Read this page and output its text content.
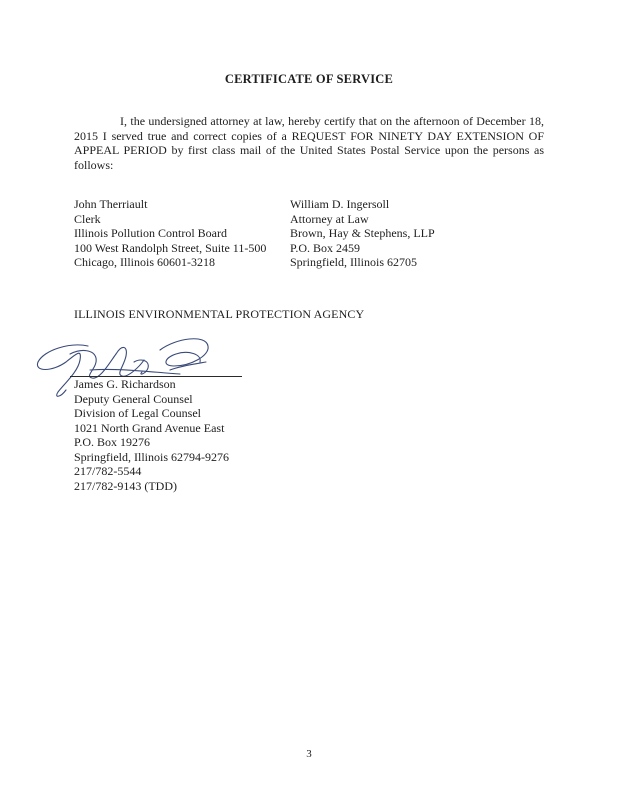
CERTIFICATE OF SERVICE
I, the undersigned attorney at law, hereby certify that on the afternoon of December 18, 2015 I served true and correct copies of a REQUEST FOR NINETY DAY EXTENSION OF APPEAL PERIOD by first class mail of the United States Postal Service upon the persons as follows:
John Therriault
Clerk
Illinois Pollution Control Board
100 West Randolph Street, Suite 11-500
Chicago, Illinois 60601-3218
William D. Ingersoll
Attorney at Law
Brown, Hay & Stephens, LLP
P.O. Box 2459
Springfield, Illinois 62705
ILLINOIS ENVIRONMENTAL PROTECTION AGENCY
James G. Richardson
Deputy General Counsel
Division of Legal Counsel
1021 North Grand Avenue East
P.O. Box 19276
Springfield, Illinois 62794-9276
217/782-5544
217/782-9143 (TDD)
3
